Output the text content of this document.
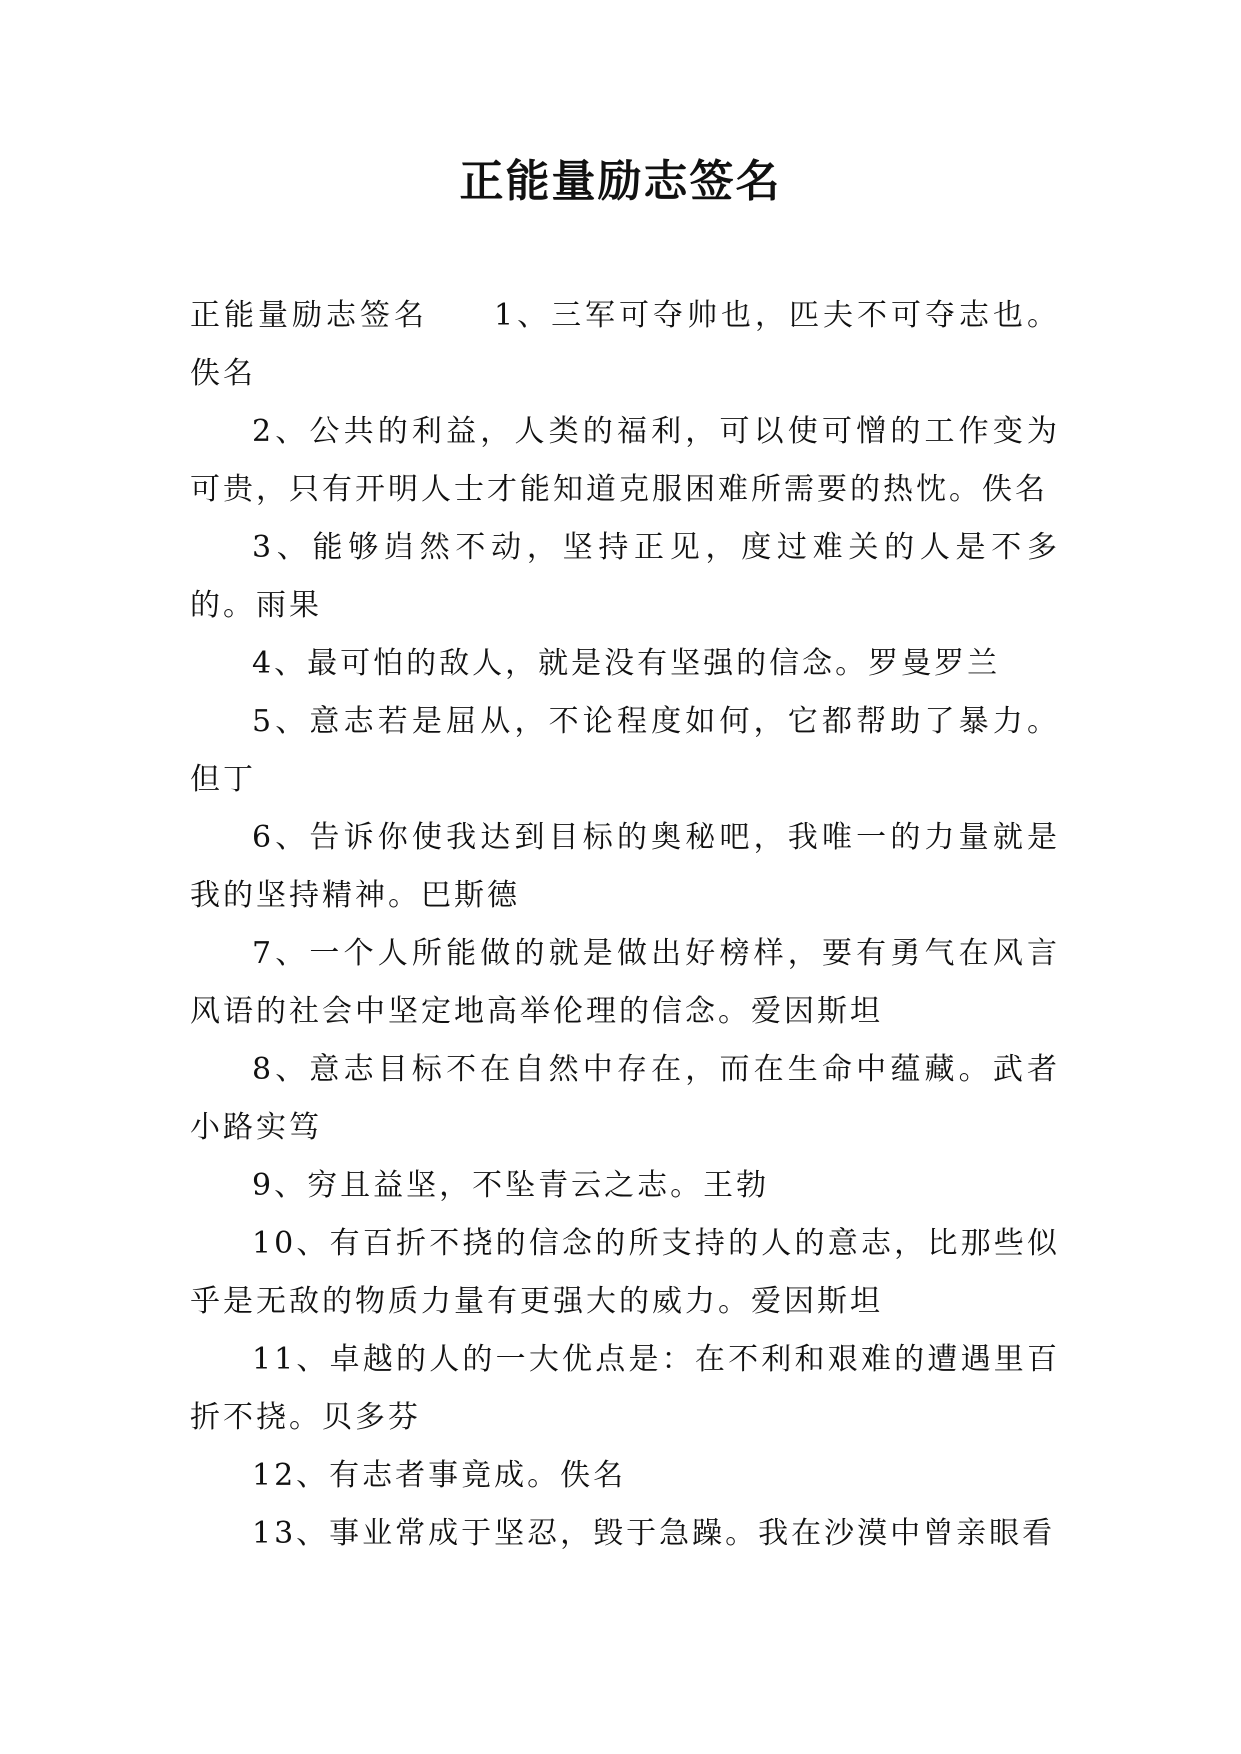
正能量励志签名

正能量励志签名 1、三军可夺帅也，匹夫不可夺志也。佚名

2、公共的利益，人类的福利，可以使可憎的工作变为可贵，只有开明人士才能知道克服困难所需要的热忱。佚名

3、能够岿然不动，坚持正见，度过难关的人是不多的。雨果

4、最可怕的敌人，就是没有坚强的信念。罗曼罗兰

5、意志若是屈从，不论程度如何，它都帮助了暴力。但丁

6、告诉你使我达到目标的奥秘吧，我唯一的力量就是我的坚持精神。巴斯德

7、一个人所能做的就是做出好榜样，要有勇气在风言风语的社会中坚定地高举伦理的信念。爱因斯坦

8、意志目标不在自然中存在，而在生命中蕴藏。武者小路实笃

9、穷且益坚，不坠青云之志。王勃

10、有百折不挠的信念的所支持的人的意志，比那些似乎是无敌的物质力量有更强大的威力。爱因斯坦

11、卓越的人的一大优点是：在不利和艰难的遭遇里百折不挠。贝多芬

12、有志者事竟成。佚名

13、事业常成于坚忍，毁于急躁。我在沙漠中曾亲眼看
